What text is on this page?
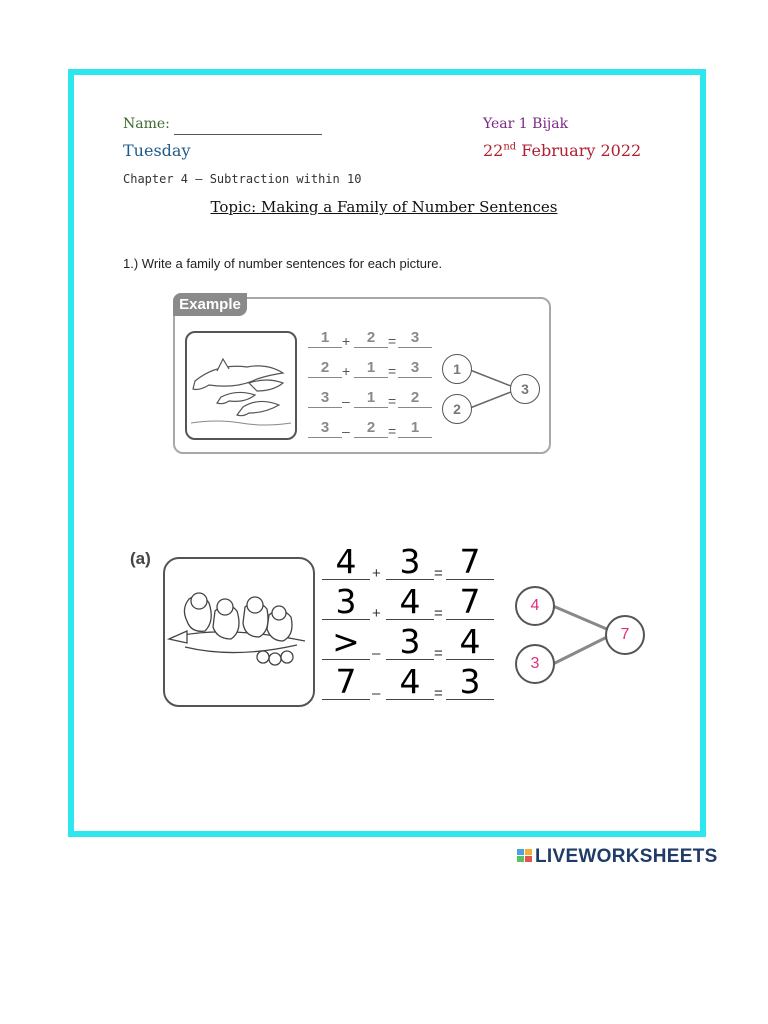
Name:
Tuesday
Year 1 Bijak
22nd February 2022
Chapter 4 – Subtraction within 10
Topic: Making a Family of Number Sentences
1.) Write a family of number sentences for each picture.
Example
1 +	2 = 3
2 +	1 = 3
3 –	1 = 2
3 –	2 = 1
1
2
3
(a)	4	+ 3 = 7
3	+ 4 = 7
> – 3 = 4
7	– 4 = 3
4
3
7
LIVEWORKSHEETS
